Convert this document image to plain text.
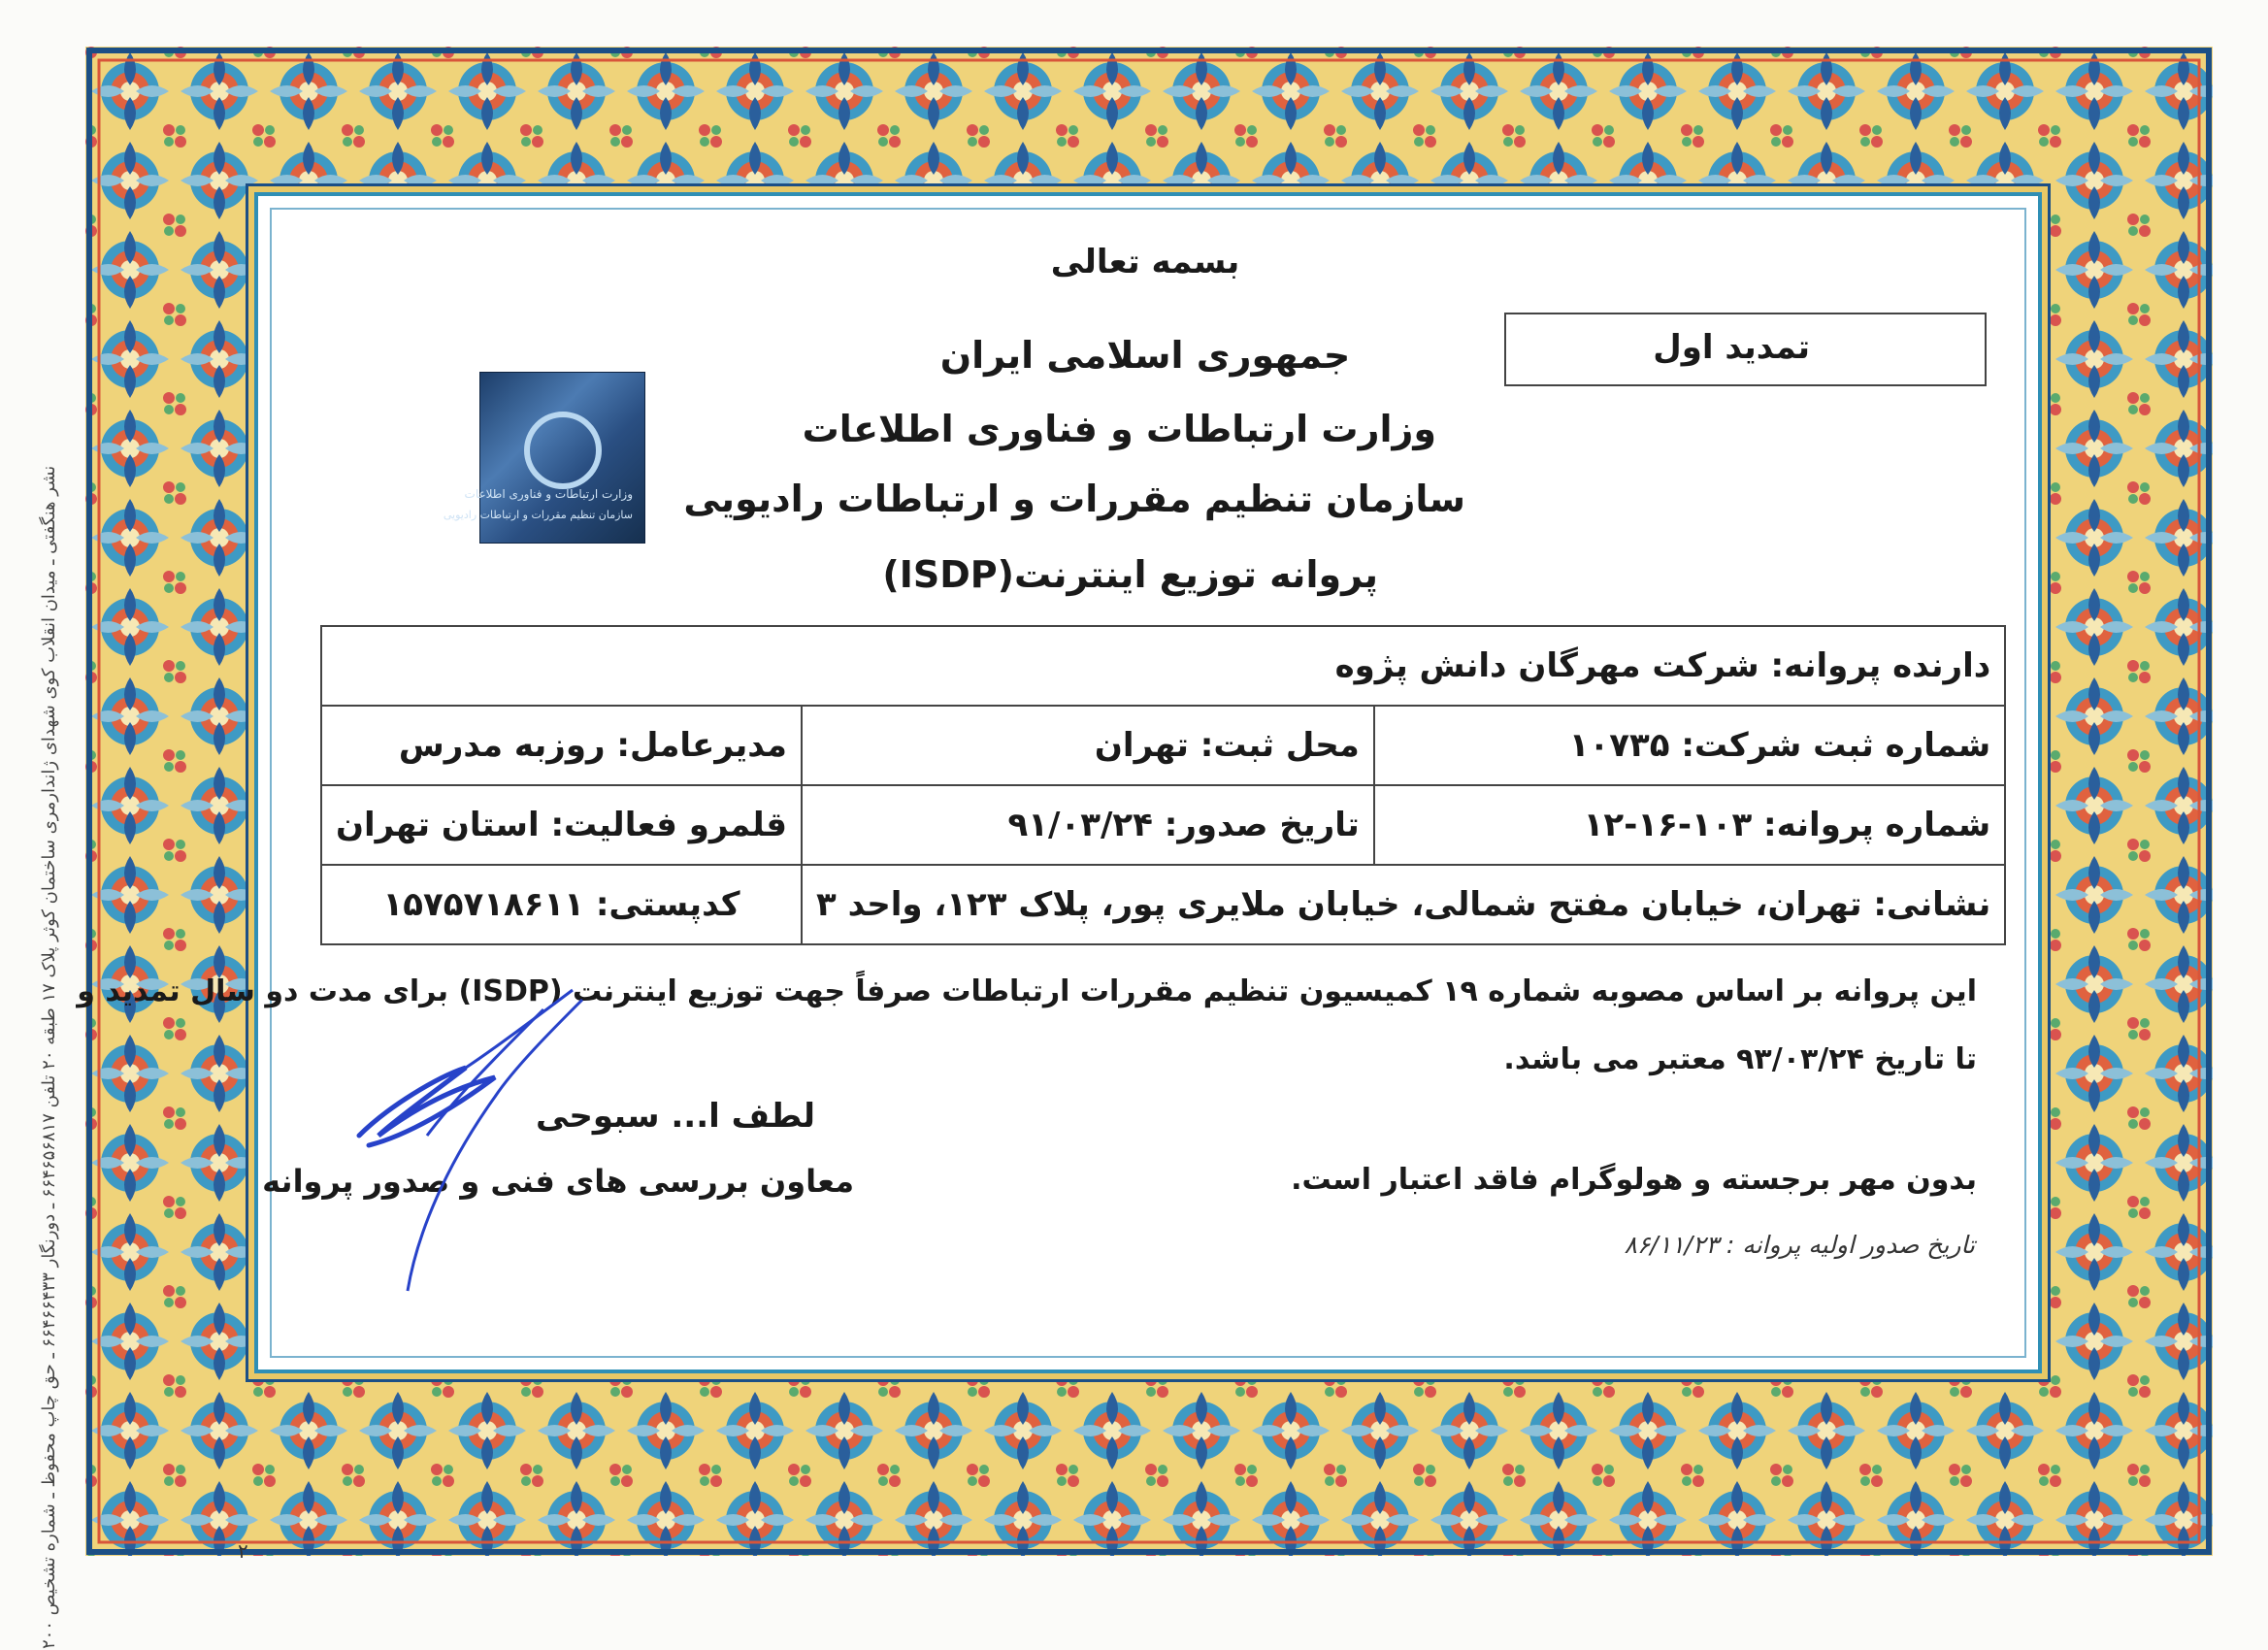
بسمه تعالی
جمهوری اسلامی ایران
وزارت ارتباطات و فناوری اطلاعات
سازمان تنظیم مقررات و ارتباطات رادیویی
پروانه توزیع اینترنت(ISDP)
تمدید اول
وزارت ارتباطات و فناوری اطلاعات
سازمان تنظیم مقررات و ارتباطات رادیویی
دارنده پروانه: شرکت مهرگان دانش پژوه		
شماره ثبت شرکت: ۱۰۷۳۵	محل ثبت: تهران	مدیرعامل: روزبه مدرس
شماره پروانه: ۱۰۳-۱۶-۱۲	تاریخ صدور: ۹۱/۰۳/۲۴	قلمرو فعالیت: استان تهران
نشانی: تهران، خیابان مفتح شمالی، خیابان ملایری پور، پلاک ۱۲۳، واحد ۳		کدپستی: ۱۵۷۵۷۱۸۶۱۱
این پروانه بر اساس مصوبه شماره ۱۹ کمیسیون تنظیم مقررات ارتباطات صرفاً جهت توزیع اینترنت (ISDP) برای مدت دو سال تمدید و
تا تاریخ ۹۳/۰۳/۲۴ معتبر می باشد.
لطف ا... سبوحی
معاون بررسی های فنی و صدور پروانه	بدون مهر برجسته و هولوگرام فاقد اعتبار است.
تاریخ صدور اولیه پروانه : ۸۶/۱۱/۲۳
نشر هنگفتی ـ میدان انقلاب کوی شهدای ژاندارمری ساختمان کوثر پلاک ۱۷ طبقه ۲۰ تلفن ۶۶۴۶۵۶۸۱۷ ـ دورنگار ۶۶۴۶۶۴۳۳ ـ حق چاپ محفوظ ـ شماره تشخیص ۲۰۰
۲
